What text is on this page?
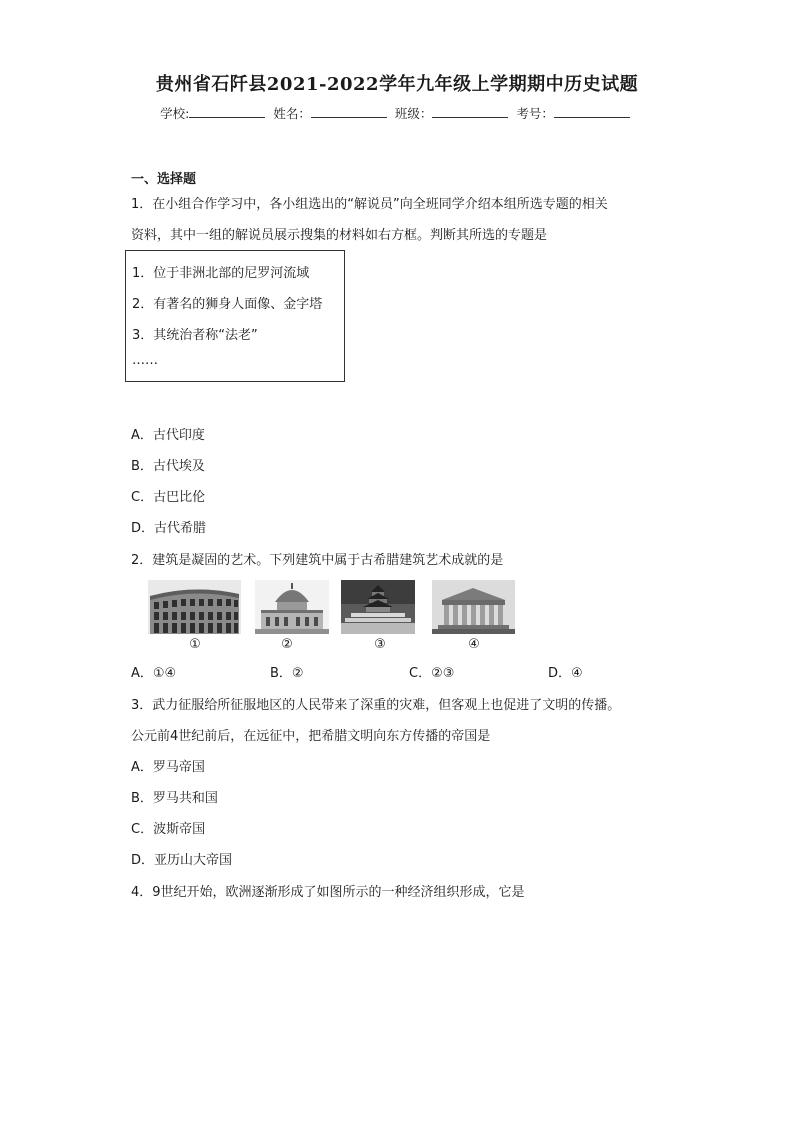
贵州省石阡县2021-2022学年九年级上学期期中历史试题
学校:	姓名：	班级：	考号：
一、选择题
1．在小组合作学习中，各小组选出的“解说员”向全班同学介绍本组所选专题的相关
资料，其中一组的解说员展示搜集的材料如右方框。判断其所选的专题是
1．位于非洲北部的尼罗河流域
2．有著名的狮身人面像、金字塔
3．其统治者称“法老”
……
A．古代印度
B．古代埃及
C．古巴比伦
D．古代希腊
2．建筑是凝固的艺术。下列建筑中属于古希腊建筑艺术成就的是
①	②	③	④
A．①④	B．②	C．②③	D．④
3．武力征服给所征服地区的人民带来了深重的灾难，但客观上也促进了文明的传播。
公元前4世纪前后，在远征中，把希腊文明向东方传播的帝国是
A．罗马帝国
B．罗马共和国
C．波斯帝国
D．亚历山大帝国
4．9世纪开始，欧洲逐渐形成了如图所示的一种经济组织形成，它是
